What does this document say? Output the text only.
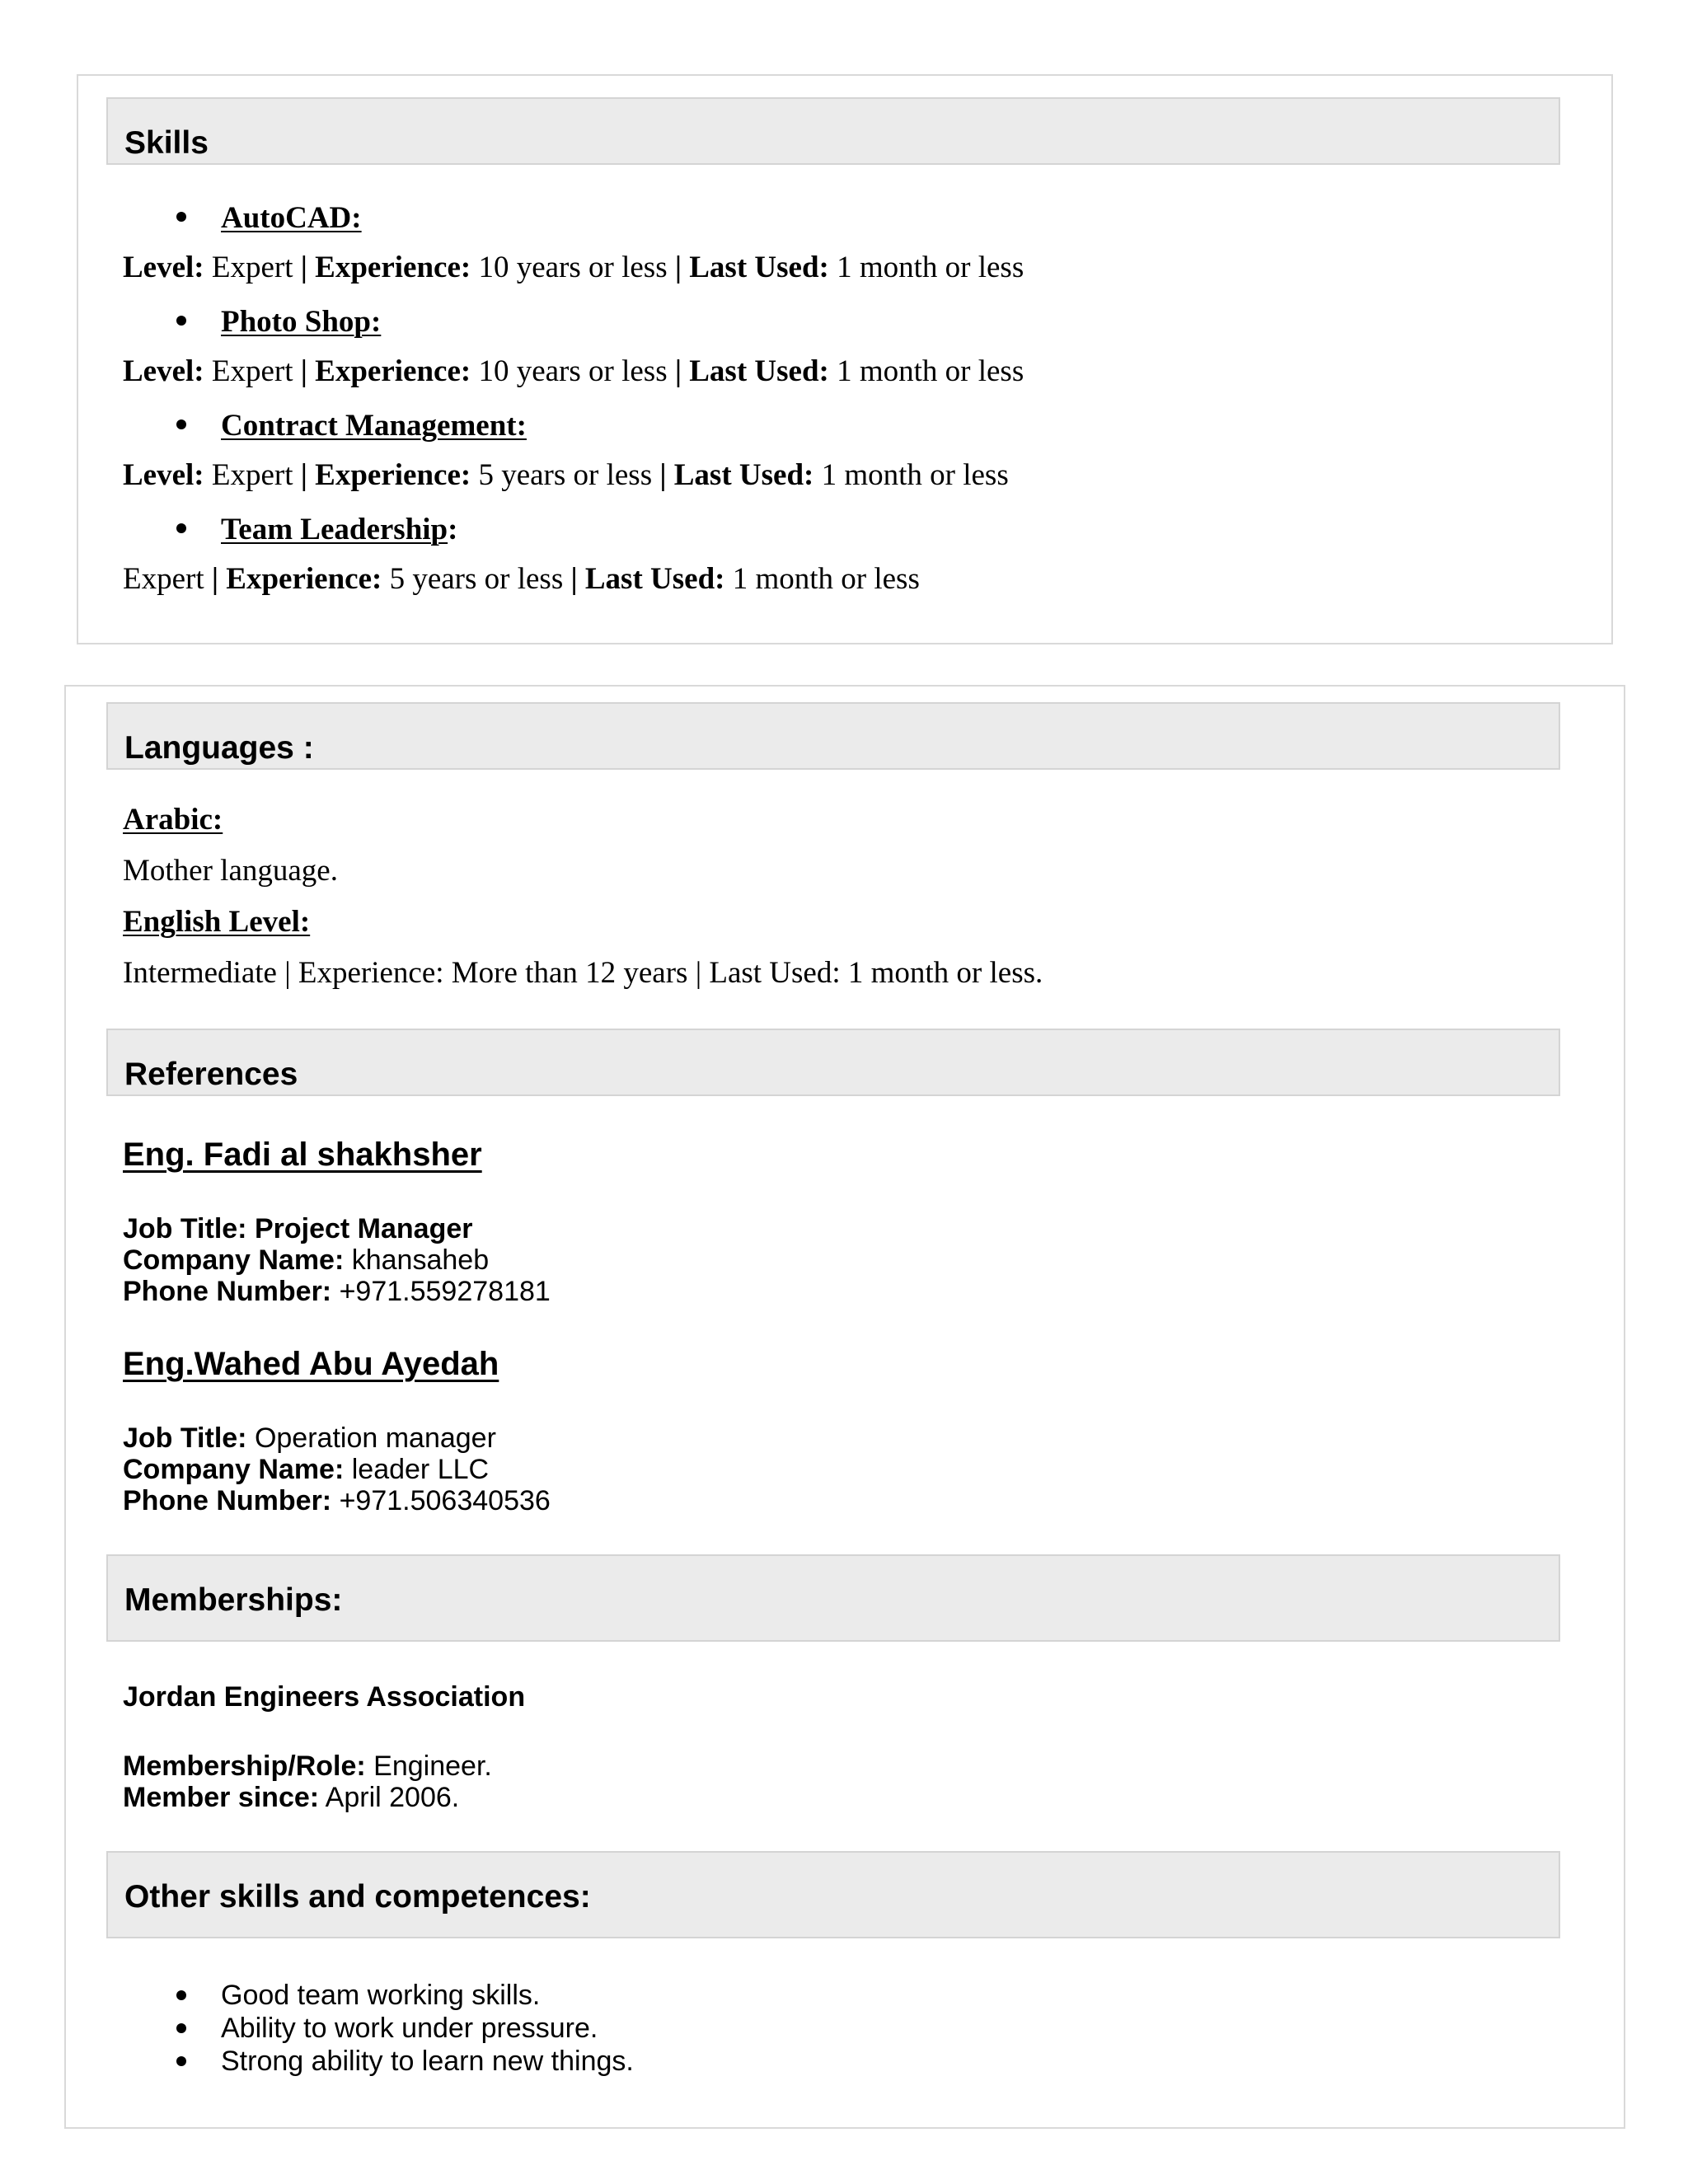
Skills
AutoCAD:
Level: Expert | Experience: 10 years or less | Last Used: 1 month or less
Photo Shop:
Level: Expert | Experience: 10 years or less | Last Used: 1 month or less
Contract Management:
Level: Expert | Experience: 5 years or less | Last Used: 1 month or less
Team Leadership:
Expert | Experience: 5 years or less | Last Used: 1 month or less
Languages :
Arabic:
Mother language.
English Level:
Intermediate | Experience: More than 12 years | Last Used: 1 month or less.
References
Eng. Fadi al shakhsher
Job Title: Project Manager
Company Name: khansaheb
Phone Number: +971.559278181
Eng.Wahed Abu Ayedah
Job Title: Operation manager
Company Name: leader LLC
Phone Number: +971.506340536
Memberships:
Jordan Engineers Association
Membership/Role: Engineer.
Member since: April 2006.
Other skills and competences:
Good team working skills.
Ability to work under pressure.
Strong ability to learn new things.
